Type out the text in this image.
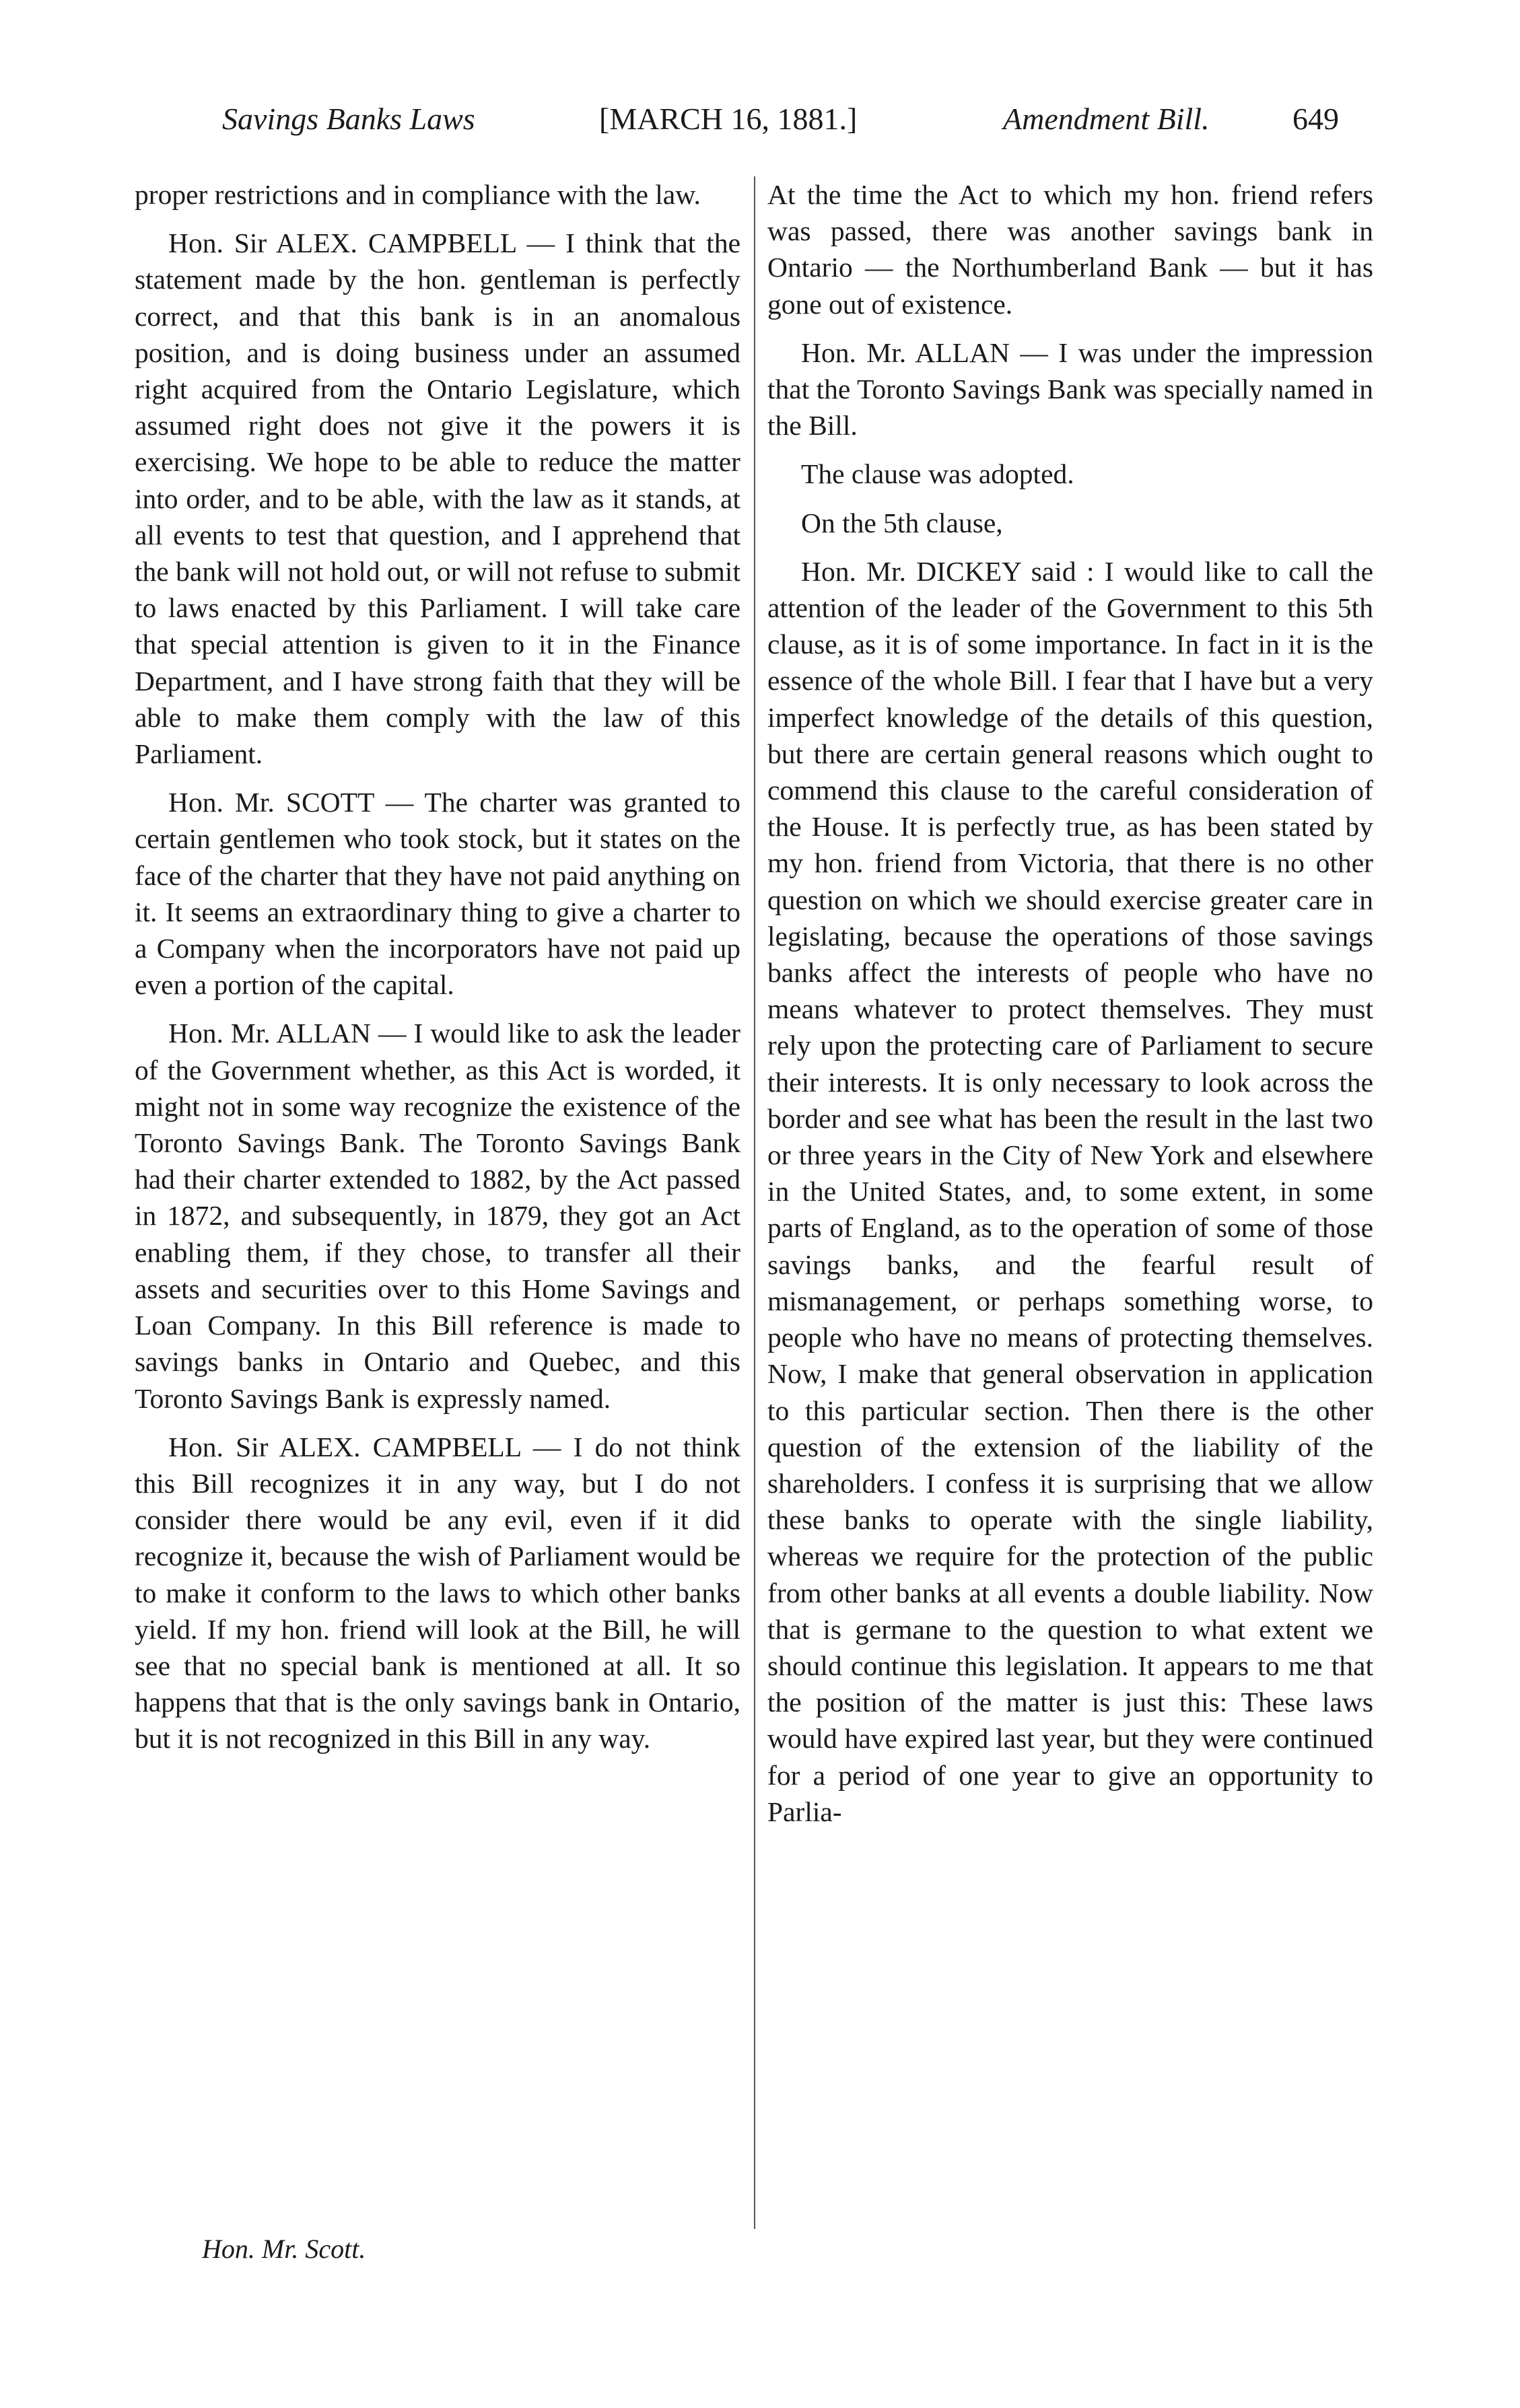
Savings Banks Laws	[MARCH 16, 1881.]	Amendment Bill.	649

proper restrictions and in compliance with the law.

Hon. Sir ALEX. CAMPBELL — I think that the statement made by the hon. gentleman is perfectly correct, and that this bank is in an anomalous position, and is doing business under an assumed right acquired from the Ontario Legislature, which assumed right does not give it the powers it is exercising. We hope to be able to reduce the matter into order, and to be able, with the law as it stands, at all events to test that question, and I apprehend that the bank will not hold out, or will not refuse to submit to laws enacted by this Parliament. I will take care that special attention is given to it in the Finance Department, and I have strong faith that they will be able to make them comply with the law of this Parliament.

Hon. Mr. SCOTT — The charter was granted to certain gentlemen who took stock, but it states on the face of the charter that they have not paid anything on it. It seems an extraordinary thing to give a charter to a Company when the incorporators have not paid up even a portion of the capital.

Hon. Mr. ALLAN — I would like to ask the leader of the Government whether, as this Act is worded, it might not in some way recognize the existence of the Toronto Savings Bank. The Toronto Savings Bank had their charter extended to 1882, by the Act passed in 1872, and subsequently, in 1879, they got an Act enabling them, if they chose, to transfer all their assets and securities over to this Home Savings and Loan Company. In this Bill reference is made to savings banks in Ontario and Quebec, and this Toronto Savings Bank is expressly named.

Hon. Sir ALEX. CAMPBELL — I do not think this Bill recognizes it in any way, but I do not consider there would be any evil, even if it did recognize it, because the wish of Parliament would be to make it conform to the laws to which other banks yield. If my hon. friend will look at the Bill, he will see that no special bank is mentioned at all. It so happens that that is the only savings bank in Ontario, but it is not recognized in this Bill in any way.

At the time the Act to which my hon. friend refers was passed, there was another savings bank in Ontario — the Northumberland Bank — but it has gone out of existence.

Hon. Mr. ALLAN — I was under the impression that the Toronto Savings Bank was specially named in the Bill.

The clause was adopted.

On the 5th clause,

Hon. Mr. DICKEY said : I would like to call the attention of the leader of the Government to this 5th clause, as it is of some importance. In fact in it is the essence of the whole Bill. I fear that I have but a very imperfect knowledge of the details of this question, but there are certain general reasons which ought to commend this clause to the careful consideration of the House. It is perfectly true, as has been stated by my hon. friend from Victoria, that there is no other question on which we should exercise greater care in legislating, because the operations of those savings banks affect the interests of people who have no means whatever to protect themselves. They must rely upon the protecting care of Parliament to secure their interests. It is only necessary to look across the border and see what has been the result in the last two or three years in the City of New York and elsewhere in the United States, and, to some extent, in some parts of England, as to the operation of some of those savings banks, and the fearful result of mismanagement, or perhaps something worse, to people who have no means of protecting themselves. Now, I make that general observation in application to this particular section. Then there is the other question of the extension of the liability of the shareholders. I confess it is surprising that we allow these banks to operate with the single liability, whereas we require for the protection of the public from other banks at all events a double liability. Now that is germane to the question to what extent we should continue this legislation. It appears to me that the position of the matter is just this: These laws would have expired last year, but they were continued for a period of one year to give an opportunity to Parlia-

Hon. Mr. Scott.
